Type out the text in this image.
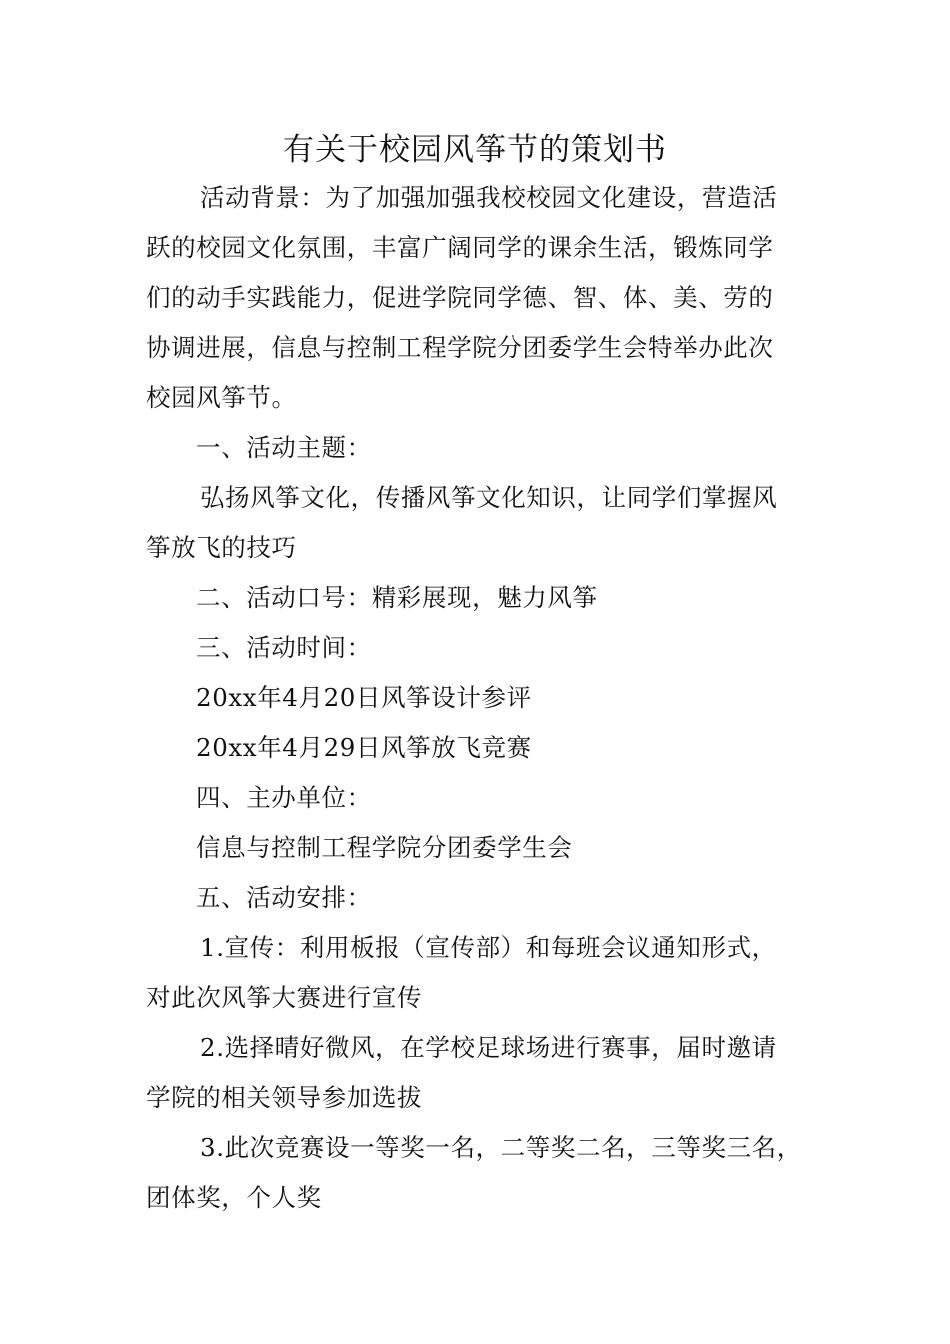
有关于校园风筝节的策划书
活动背景：为了加强加强我校校园文化建设，营造活
跃的校园文化氛围，丰富广阔同学的课余生活，锻炼同学
们的动手实践能力，促进学院同学德、智、体、美、劳的
协调进展，信息与控制工程学院分团委学生会特举办此次
校园风筝节。
一、活动主题：
弘扬风筝文化，传播风筝文化知识，让同学们掌握风
筝放飞的技巧
二、活动口号：精彩展现，魅力风筝
三、活动时间：
20xx年4月20日风筝设计参评
20xx年4月29日风筝放飞竞赛
四、主办单位：
信息与控制工程学院分团委学生会
五、活动安排：
1.宣传：利用板报（宣传部）和每班会议通知形式，
对此次风筝大赛进行宣传
2.选择晴好微风，在学校足球场进行赛事，届时邀请
学院的相关领导参加选拔
3.此次竞赛设一等奖一名，二等奖二名，三等奖三名，
团体奖，个人奖
